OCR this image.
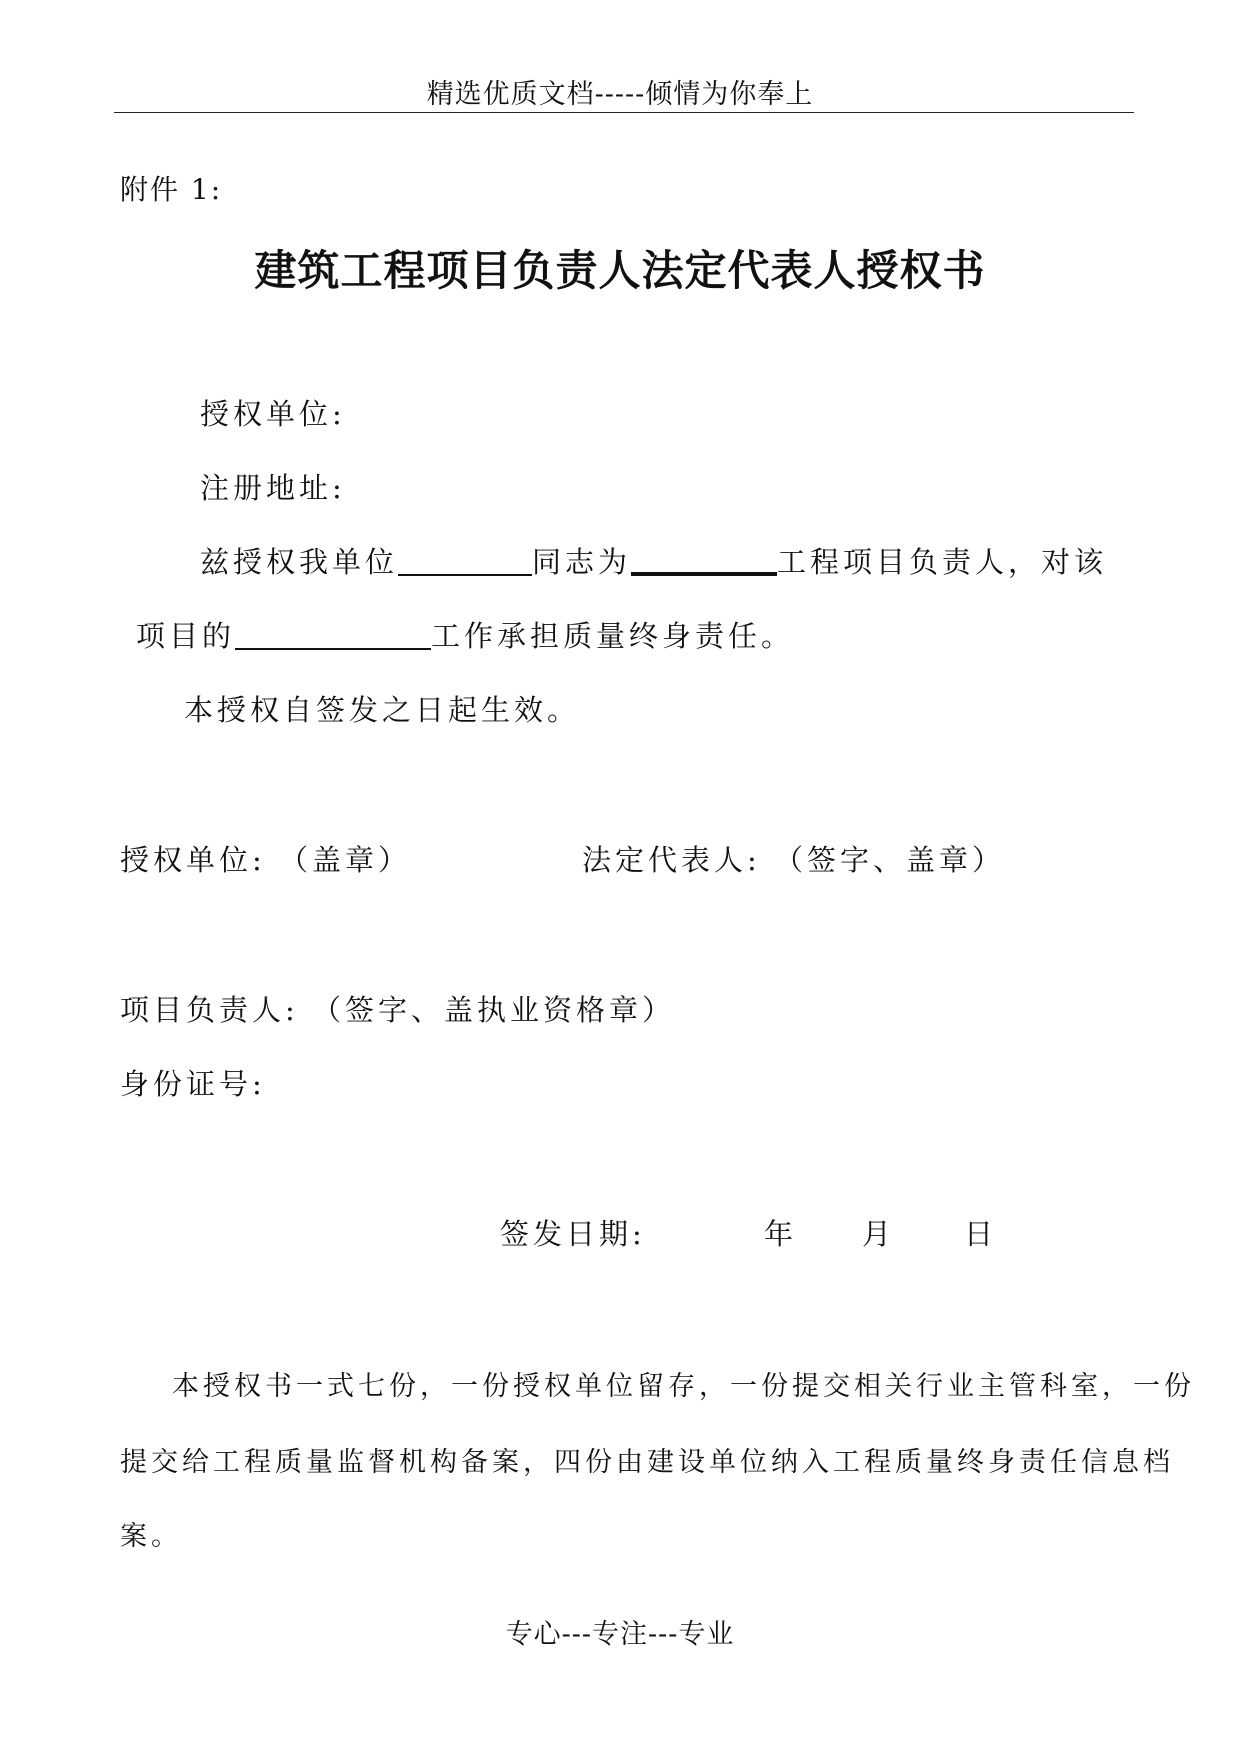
精选优质文档-----倾情为你奉上
附件 1:
建筑工程项目负责人法定代表人授权书
授权单位:
注册地址:
兹授权我单位	同志为	工程项目负责人，对该
项目的	工作承担质量终身责任。
本授权自签发之日起生效。
授权单位: （盖章）	法定代表人: （签字、盖章）
项目负责人: （签字、盖执业资格章）
身份证号:
签发日期:	年 月 日
本授权书一式七份，一份授权单位留存，一份提交相关行业主管科室，一份
提交给工程质量监督机构备案，四份由建设单位纳入工程质量终身责任信息档
案。
专心---专注---专业
